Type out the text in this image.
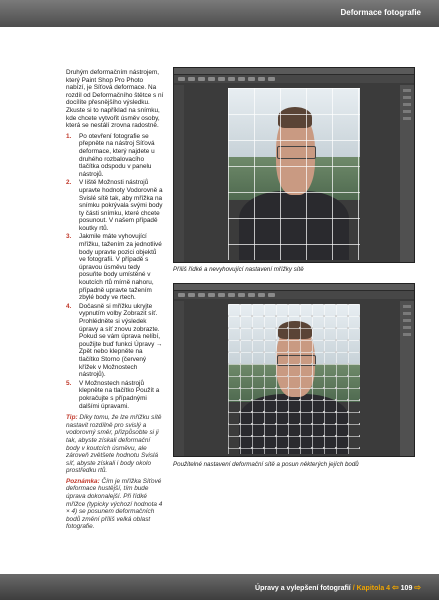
Deformace fotografie

Druhým deformačním nástrojem, který Paint Shop Pro Photo nabízí, je Síťová deformace. Na rozdíl od Deformačního štětce s ní docílíte přesnějšího výsledku. Zkuste si to například na snímku, kde chcete vytvořit úsměv osoby, která se nestálí zrovna radostně.

1. Po otevření fotografie se přepněte na nástroj Síťová deformace, který najdete u druhého rozbalovacího tlačítka odspodu v panelu nástrojů.
2. V liště Možnosti nástrojů upravte hodnoty Vodorovně a Svislé sítě tak, aby mřížka na snímku pokrývala svými body ty části snímku, které chcete posunout. V našem případě koutky rtů.
3. Jakmile máte vyhovující mřížku, tažením za jednotlivé body upravte pozici objektů ve fotografii. V případě s úpravou úsměvu tedy posuňte body umístěné v koutcích rtů mírně nahoru, případně upravte tažením zbylé body ve rtech.
4. Dočasně si mřížku ukryjte vypnutím volby Zobrazit síť. Prohlédněte si výsledek úpravy a síť znovu zobrazte. Pokud se vám úprava nelíbí, použijte buď funkci Úpravy → Zpět nebo klepněte na tlačítko Storno (červený křížek v Možnostech nástrojů).
5. V Možnostech nástrojů klepněte na tlačítko Použít a pokračujte s případnými dalšími úpravami.

Tip: Díky tomu, že lze mřížku sítě nastavit rozdílně pro svislý a vodorovný směr, přizpůsobte si ji tak, abyste získali deformační body v koutcích úsměvu, ale zároveň zvětšete hodnotu Svislá síť, abyste získali i body okolo prostředku rtů.

Poznámka: Čím je mřížka Síťové deformace hustější, tím bude úprava dokonalejší. Při řídké mřížce (typicky výchozí hodnota 4 × 4) se posunem deformačních bodů změní příliš velká oblast fotografie.

Příliš řídké a nevyhovující nastavení mřížky sítě
Použitelné nastavení deformační sítě a posun některých jejích bodů
Úpravy a vylepšení fotografií / Kapitola 4 ⇦ 109 ⇨
